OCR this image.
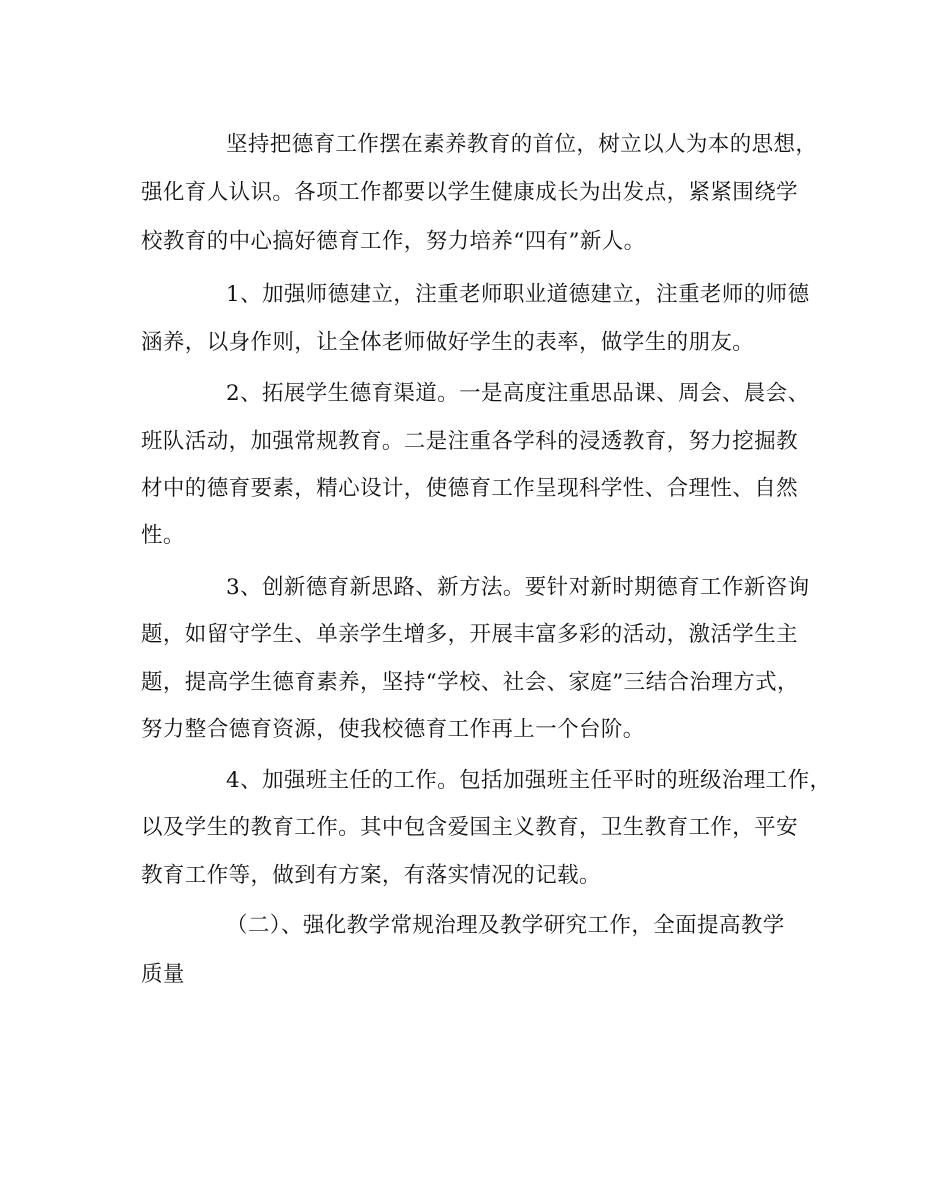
坚持把德育工作摆在素养教育的首位，树立以人为本的思想，
强化育人认识。各项工作都要以学生健康成长为出发点，紧紧围绕学
校教育的中心搞好德育工作，努力培养“四有”新人。
1、加强师德建立，注重老师职业道德建立，注重老师的师德
涵养，以身作则，让全体老师做好学生的表率，做学生的朋友。
2、拓展学生德育渠道。一是高度注重思品课、周会、晨会、
班队活动，加强常规教育。二是注重各学科的浸透教育，努力挖掘教
材中的德育要素，精心设计，使德育工作呈现科学性、合理性、自然
性。
3、创新德育新思路、新方法。要针对新时期德育工作新咨询
题，如留守学生、单亲学生增多，开展丰富多彩的活动，激活学生主
题，提高学生德育素养，坚持“学校、社会、家庭”三结合治理方式，
努力整合德育资源，使我校德育工作再上一个台阶。
4、加强班主任的工作。包括加强班主任平时的班级治理工作，
以及学生的教育工作。其中包含爱国主义教育，卫生教育工作，平安
教育工作等，做到有方案，有落实情况的记载。
（二）、强化教学常规治理及教学研究工作，全面提高教学
质量
